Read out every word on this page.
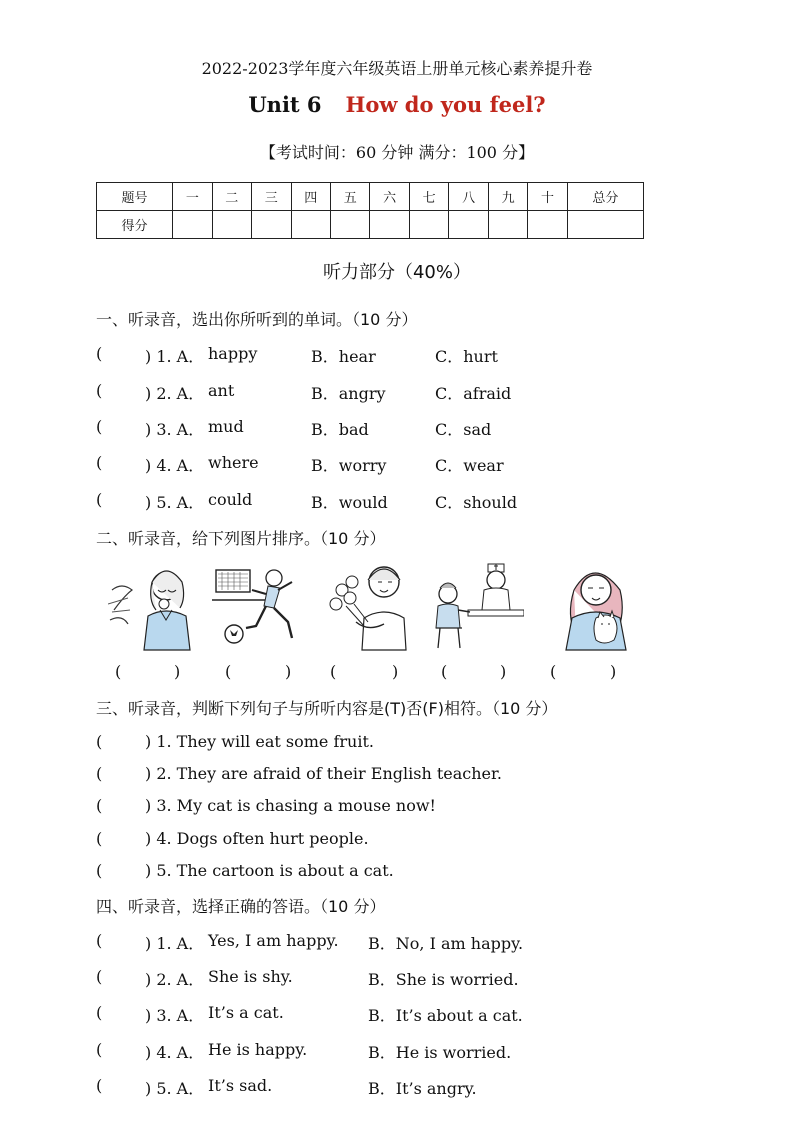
2022-2023学年度六年级英语上册单元核心素养提升卷
Unit 6 How do you feel?
【考试时间：60 分钟 满分：100 分】
题号	一	二	三	四	五	六	七	八	九	十	总分
得分											
听力部分（40%）
一、听录音，选出你所听到的单词。（10 分）
(	) 1. A． happy	B．hear	C．hurt
(	) 2. A． ant	B．angry	C．afraid
(	) 3. A． mud	B．bad	C．sad
(	) 4. A． where	B．worry	C．wear
(	) 5. A． could	B．would	C．should
二、听录音，给下列图片排序。（10 分）
(	)	(	) (	)	(	)	(	)
三、听录音，判断下列句子与所听内容是(T)否(F)相符。（10 分）
(	) 1. They will eat some fruit.
(	) 2. They are afraid of their English teacher.
(	) 3. My cat is chasing a mouse now!
(	) 4. Dogs often hurt people.
(	) 5. The cartoon is about a cat.
四、听录音，选择正确的答语。（10 分）
(	) 1. A． Yes, I am happy. B．No, I am happy.
(	) 2. A． She is shy.	B．She is worried.
(	) 3. A． It’s a cat.	B．It’s about a cat.
(	) 4. A． He is happy.	B．He is worried.
(	) 5. A． It’s sad.	B．It’s angry.
